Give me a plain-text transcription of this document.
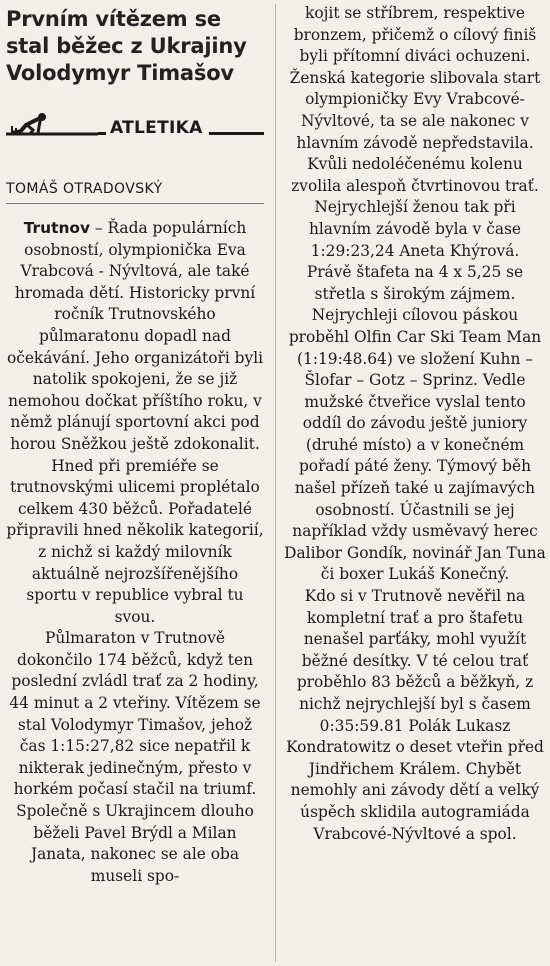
Prvním vítězem se stal běžec z Ukrajiny Volodymyr Timašov
ATLETIKA
TOMÁŠ OTRADOVSKÝ

Trutnov – Řada populárních osobností, olympionička Eva Vrabcová - Nývltová, ale také hromada dětí. Historicky první ročník Trutnovského půlmaratonu dopadl nad očekávání. Jeho organizátoři byli natolik spokojeni, že se již nemohou dočkat příštího roku, v němž plánují sportovní akci pod horou Sněžkou ještě zdokonalit.

Hned při premiéře se trutnovskými ulicemi proplétalo celkem 430 běžců. Pořadatelé připravili hned několik kategorií, z nichž si každý milovník aktuálně nejrozšířenějšího sportu v republice vybral tu svou.

Půlmaraton v Trutnově dokončilo 174 běžců, když ten poslední zvládl trať za 2 hodiny, 44 minut a 2 vteřiny. Vítězem se stal Volodymyr Timašov, jehož čas 1:15:27,82 sice nepatřil k nikterak jedinečným, přesto v horkém počasí stačil na triumf. Společně s Ukrajincem dlouho běželi Pavel Brýdl a Milan Janata, nakonec se ale oba museli spo-

kojit se stříbrem, respektive bronzem, přičemž o cílový finiš byli přítomní diváci ochuzeni.

Ženská kategorie slibovala start olympioničky Evy Vrabcové-Nývltové, ta se ale nakonec v hlavním závodě nepředstavila. Kvůli nedoléčenému kolenu zvolila alespoň čtvrtinovou trať. Nejrychlejší ženou tak při hlavním závodě byla v čase 1:29:23,24 Aneta Khýrová.

Právě štafeta na 4 x 5,25 se střetla s širokým zájmem. Nejrychleji cílovou páskou proběhl Olfin Car Ski Team Man (1:19:48.64) ve složení Kuhn – Šlofar – Gotz – Sprinz. Vedle mužské čtveřice vyslal tento oddíl do závodu ještě juniory (druhé místo) a v konečném pořadí páté ženy. Týmový běh našel přízeň také u zajímavých osobností. Účastnili se jej například vždy usměvavý herec Dalibor Gondík, novinář Jan Tuna či boxer Lukáš Konečný.

Kdo si v Trutnově nevěřil na kompletní trať a pro štafetu nenašel parťáky, mohl využít běžné desítky. V té celou trať proběhlo 83 běžců a běžkyň, z nichž nejrychlejší byl s časem 0:35:59.81 Polák Lukasz Kondratowitz o deset vteřin před Jindřichem Králem. Chybět nemohly ani závody dětí a velký úspěch sklidila autogramiáda Vrabcové-Nývltové a spol.
